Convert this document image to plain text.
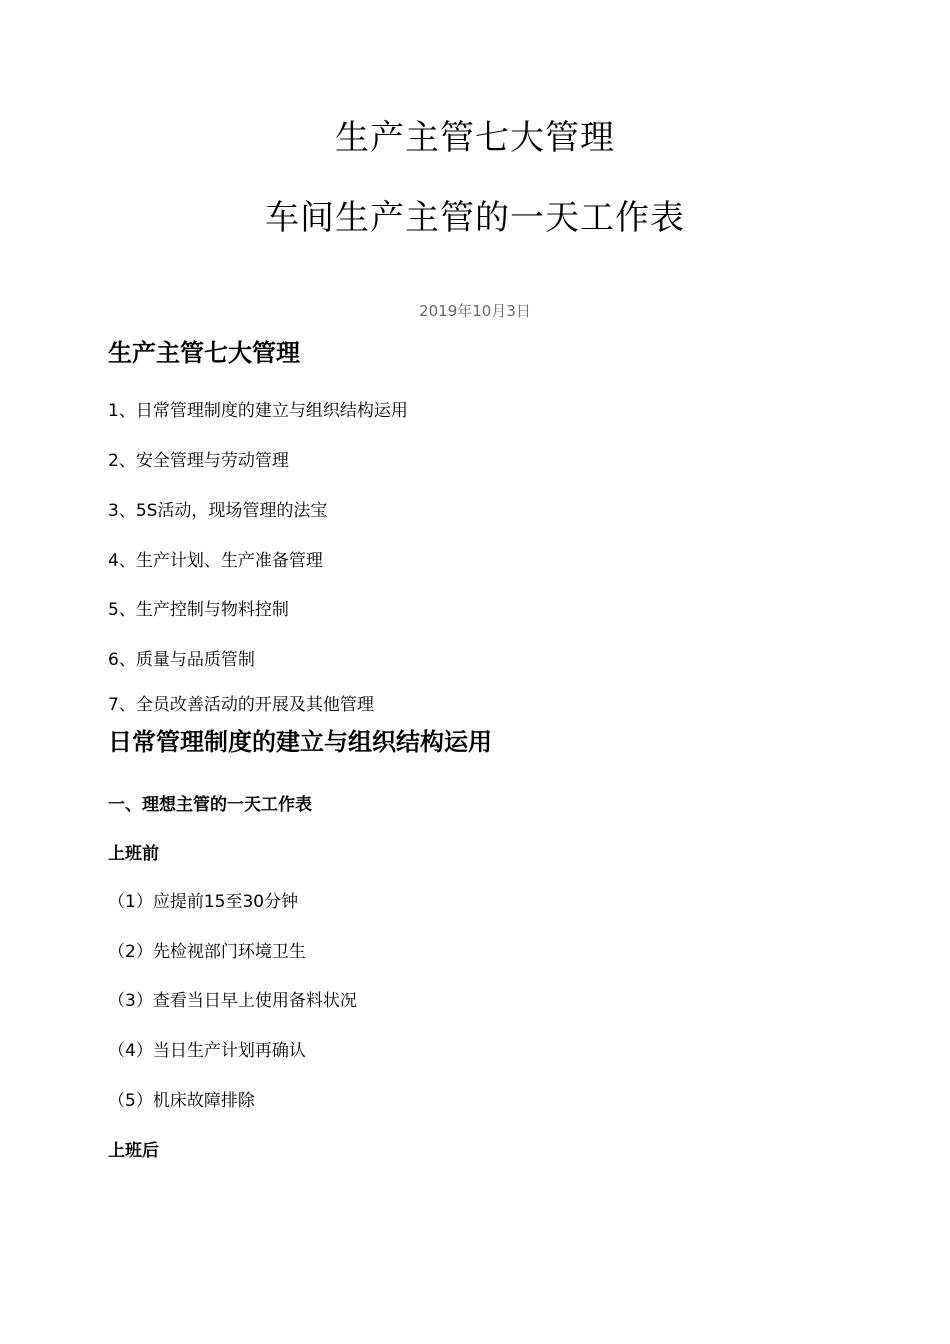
生产主管七大管理
车间生产主管的一天工作表
2019年10月3日
生产主管七大管理
1、日常管理制度的建立与组织结构运用
2、安全管理与劳动管理
3、5S活动，现场管理的法宝
4、生产计划、生产准备管理
5、生产控制与物料控制
6、质量与品质管制
7、全员改善活动的开展及其他管理
日常管理制度的建立与组织结构运用
一、理想主管的一天工作表
上班前
（1）应提前15至30分钟
（2）先检视部门环境卫生
（3）查看当日早上使用备料状况
（4）当日生产计划再确认
（5）机床故障排除
上班后
